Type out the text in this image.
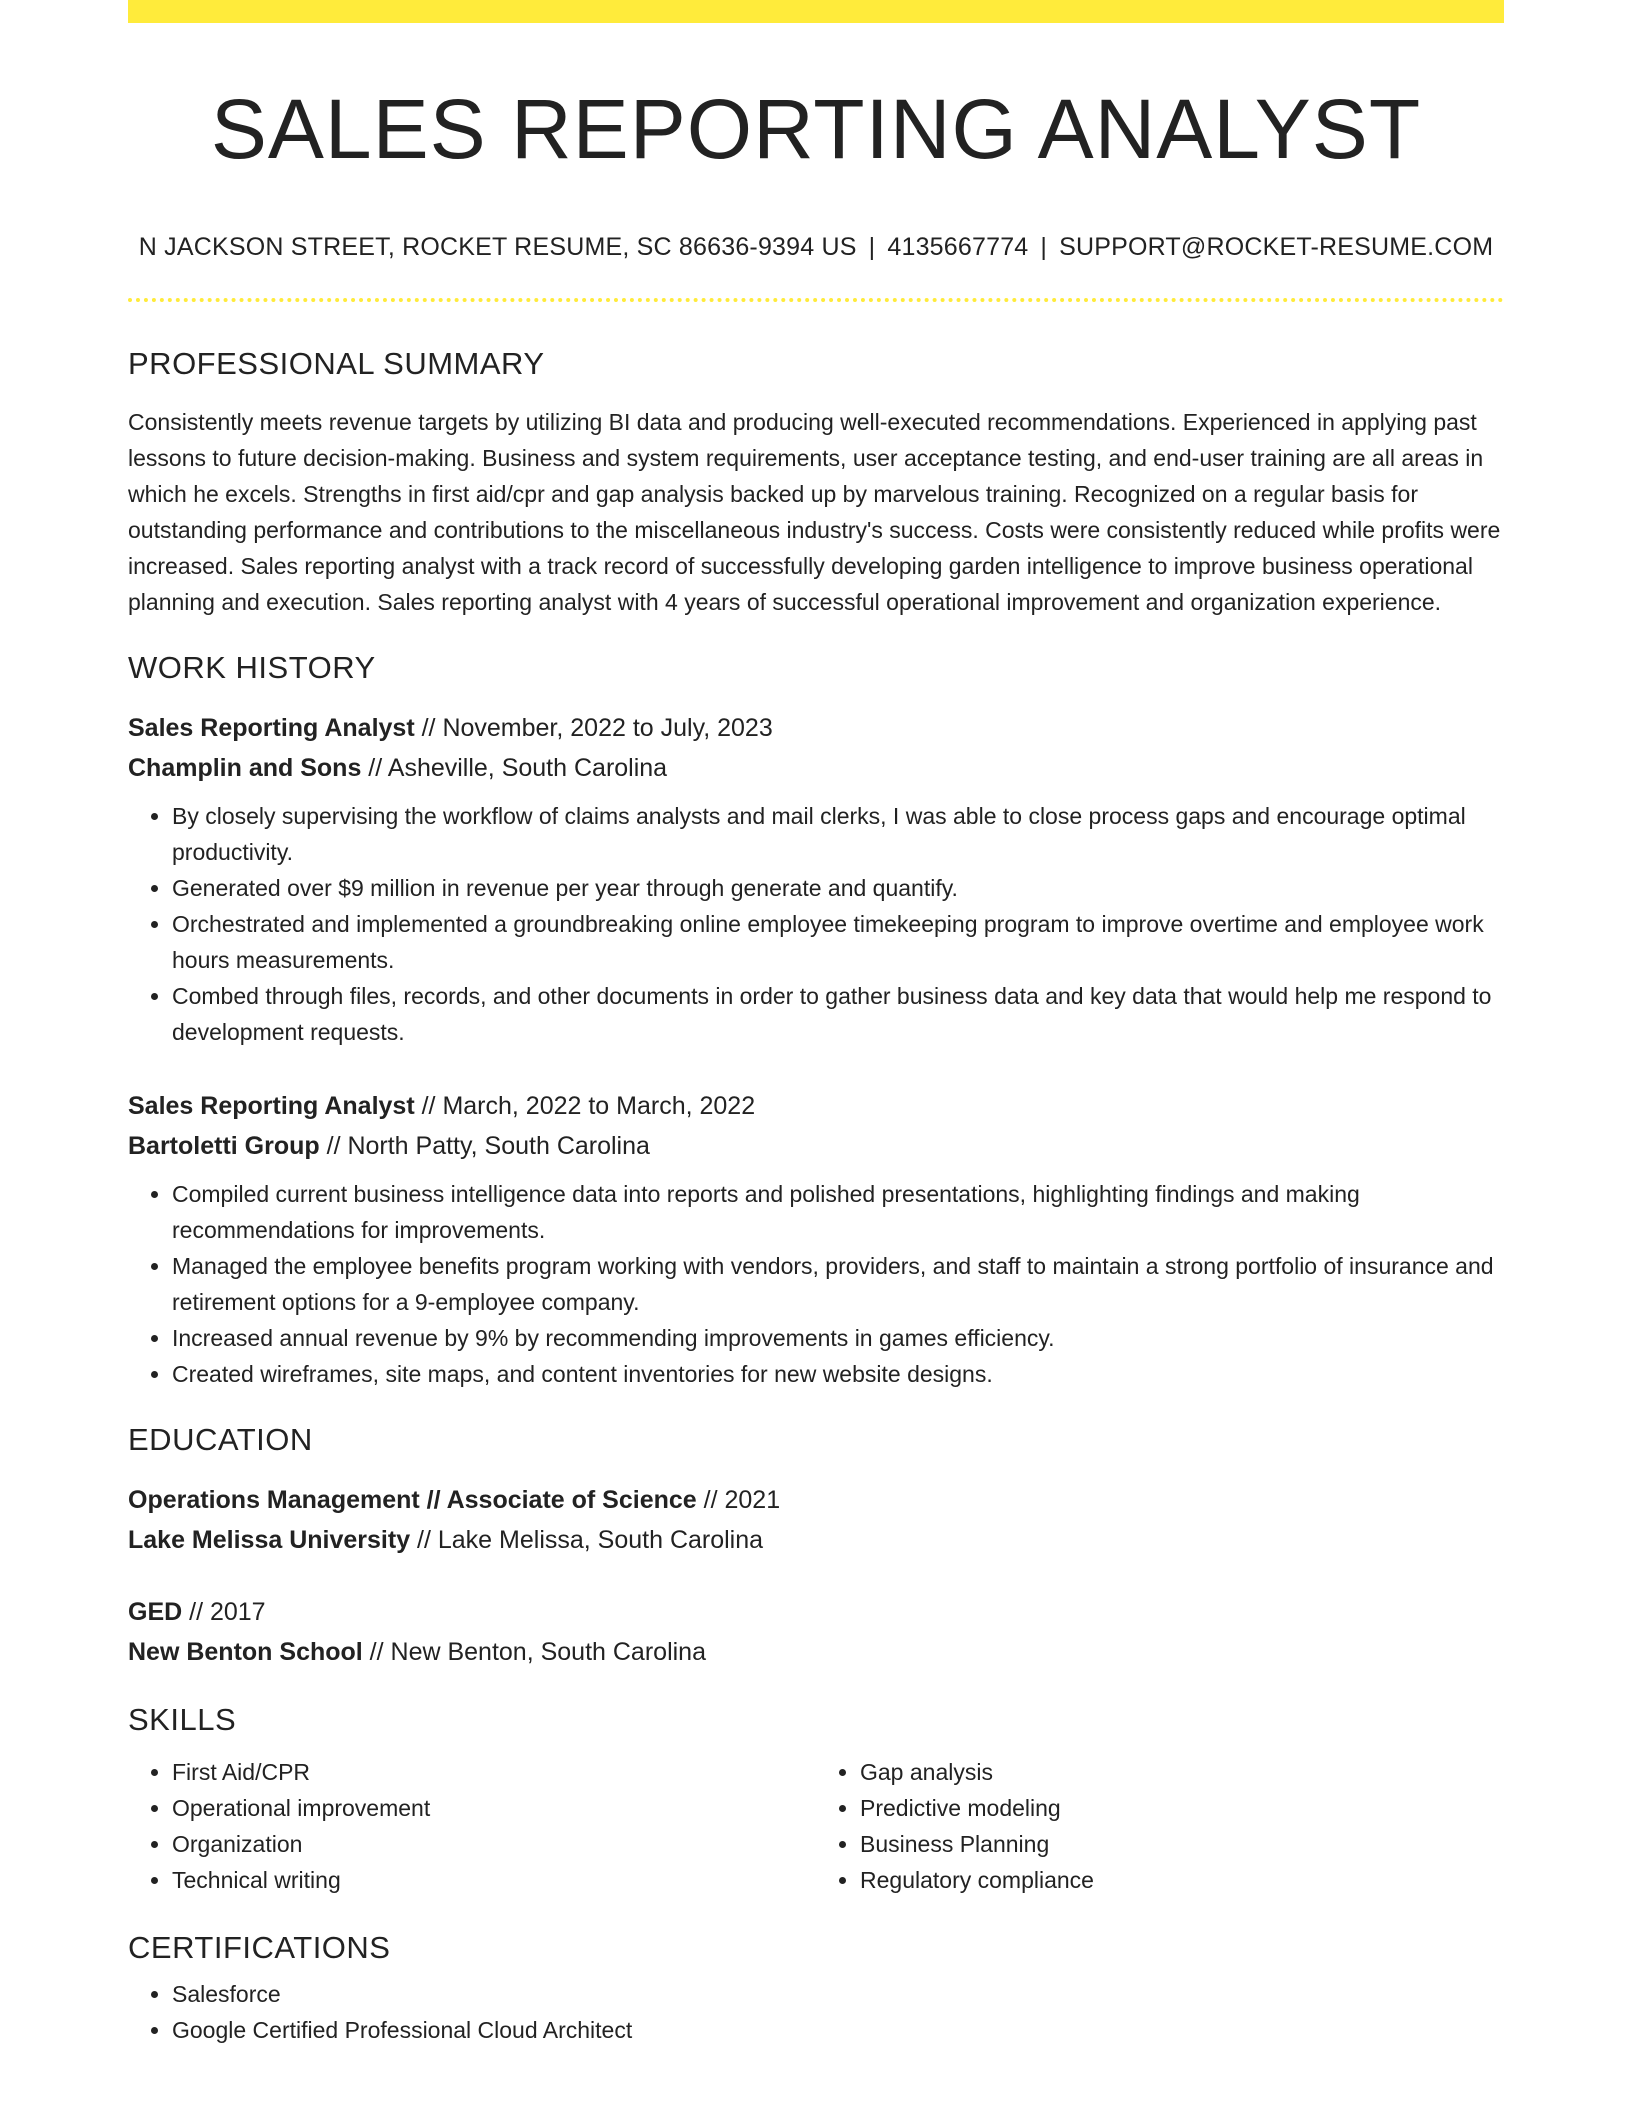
SALES REPORTING ANALYST
N JACKSON STREET, ROCKET RESUME, SC 86636-9394 US | 4135667774 | SUPPORT@ROCKET-RESUME.COM
PROFESSIONAL SUMMARY
Consistently meets revenue targets by utilizing BI data and producing well-executed recommendations. Experienced in applying past lessons to future decision-making. Business and system requirements, user acceptance testing, and end-user training are all areas in which he excels. Strengths in first aid/cpr and gap analysis backed up by marvelous training. Recognized on a regular basis for outstanding performance and contributions to the miscellaneous industry's success. Costs were consistently reduced while profits were increased. Sales reporting analyst with a track record of successfully developing garden intelligence to improve business operational planning and execution. Sales reporting analyst with 4 years of successful operational improvement and organization experience.
WORK HISTORY
Sales Reporting Analyst // November, 2022 to July, 2023
Champlin and Sons // Asheville, South Carolina
• By closely supervising the workflow of claims analysts and mail clerks, I was able to close process gaps and encourage optimal productivity.
• Generated over $9 million in revenue per year through generate and quantify.
• Orchestrated and implemented a groundbreaking online employee timekeeping program to improve overtime and employee work hours measurements.
• Combed through files, records, and other documents in order to gather business data and key data that would help me respond to development requests.
Sales Reporting Analyst // March, 2022 to March, 2022
Bartoletti Group // North Patty, South Carolina
• Compiled current business intelligence data into reports and polished presentations, highlighting findings and making recommendations for improvements.
• Managed the employee benefits program working with vendors, providers, and staff to maintain a strong portfolio of insurance and retirement options for a 9-employee company.
• Increased annual revenue by 9% by recommending improvements in games efficiency.
• Created wireframes, site maps, and content inventories for new website designs.
EDUCATION
Operations Management // Associate of Science // 2021
Lake Melissa University // Lake Melissa, South Carolina
GED // 2017
New Benton School // New Benton, South Carolina
SKILLS
• First Aid/CPR
• Operational improvement
• Organization
• Technical writing
• Gap analysis
• Predictive modeling
• Business Planning
• Regulatory compliance
CERTIFICATIONS
• Salesforce
• Google Certified Professional Cloud Architect
